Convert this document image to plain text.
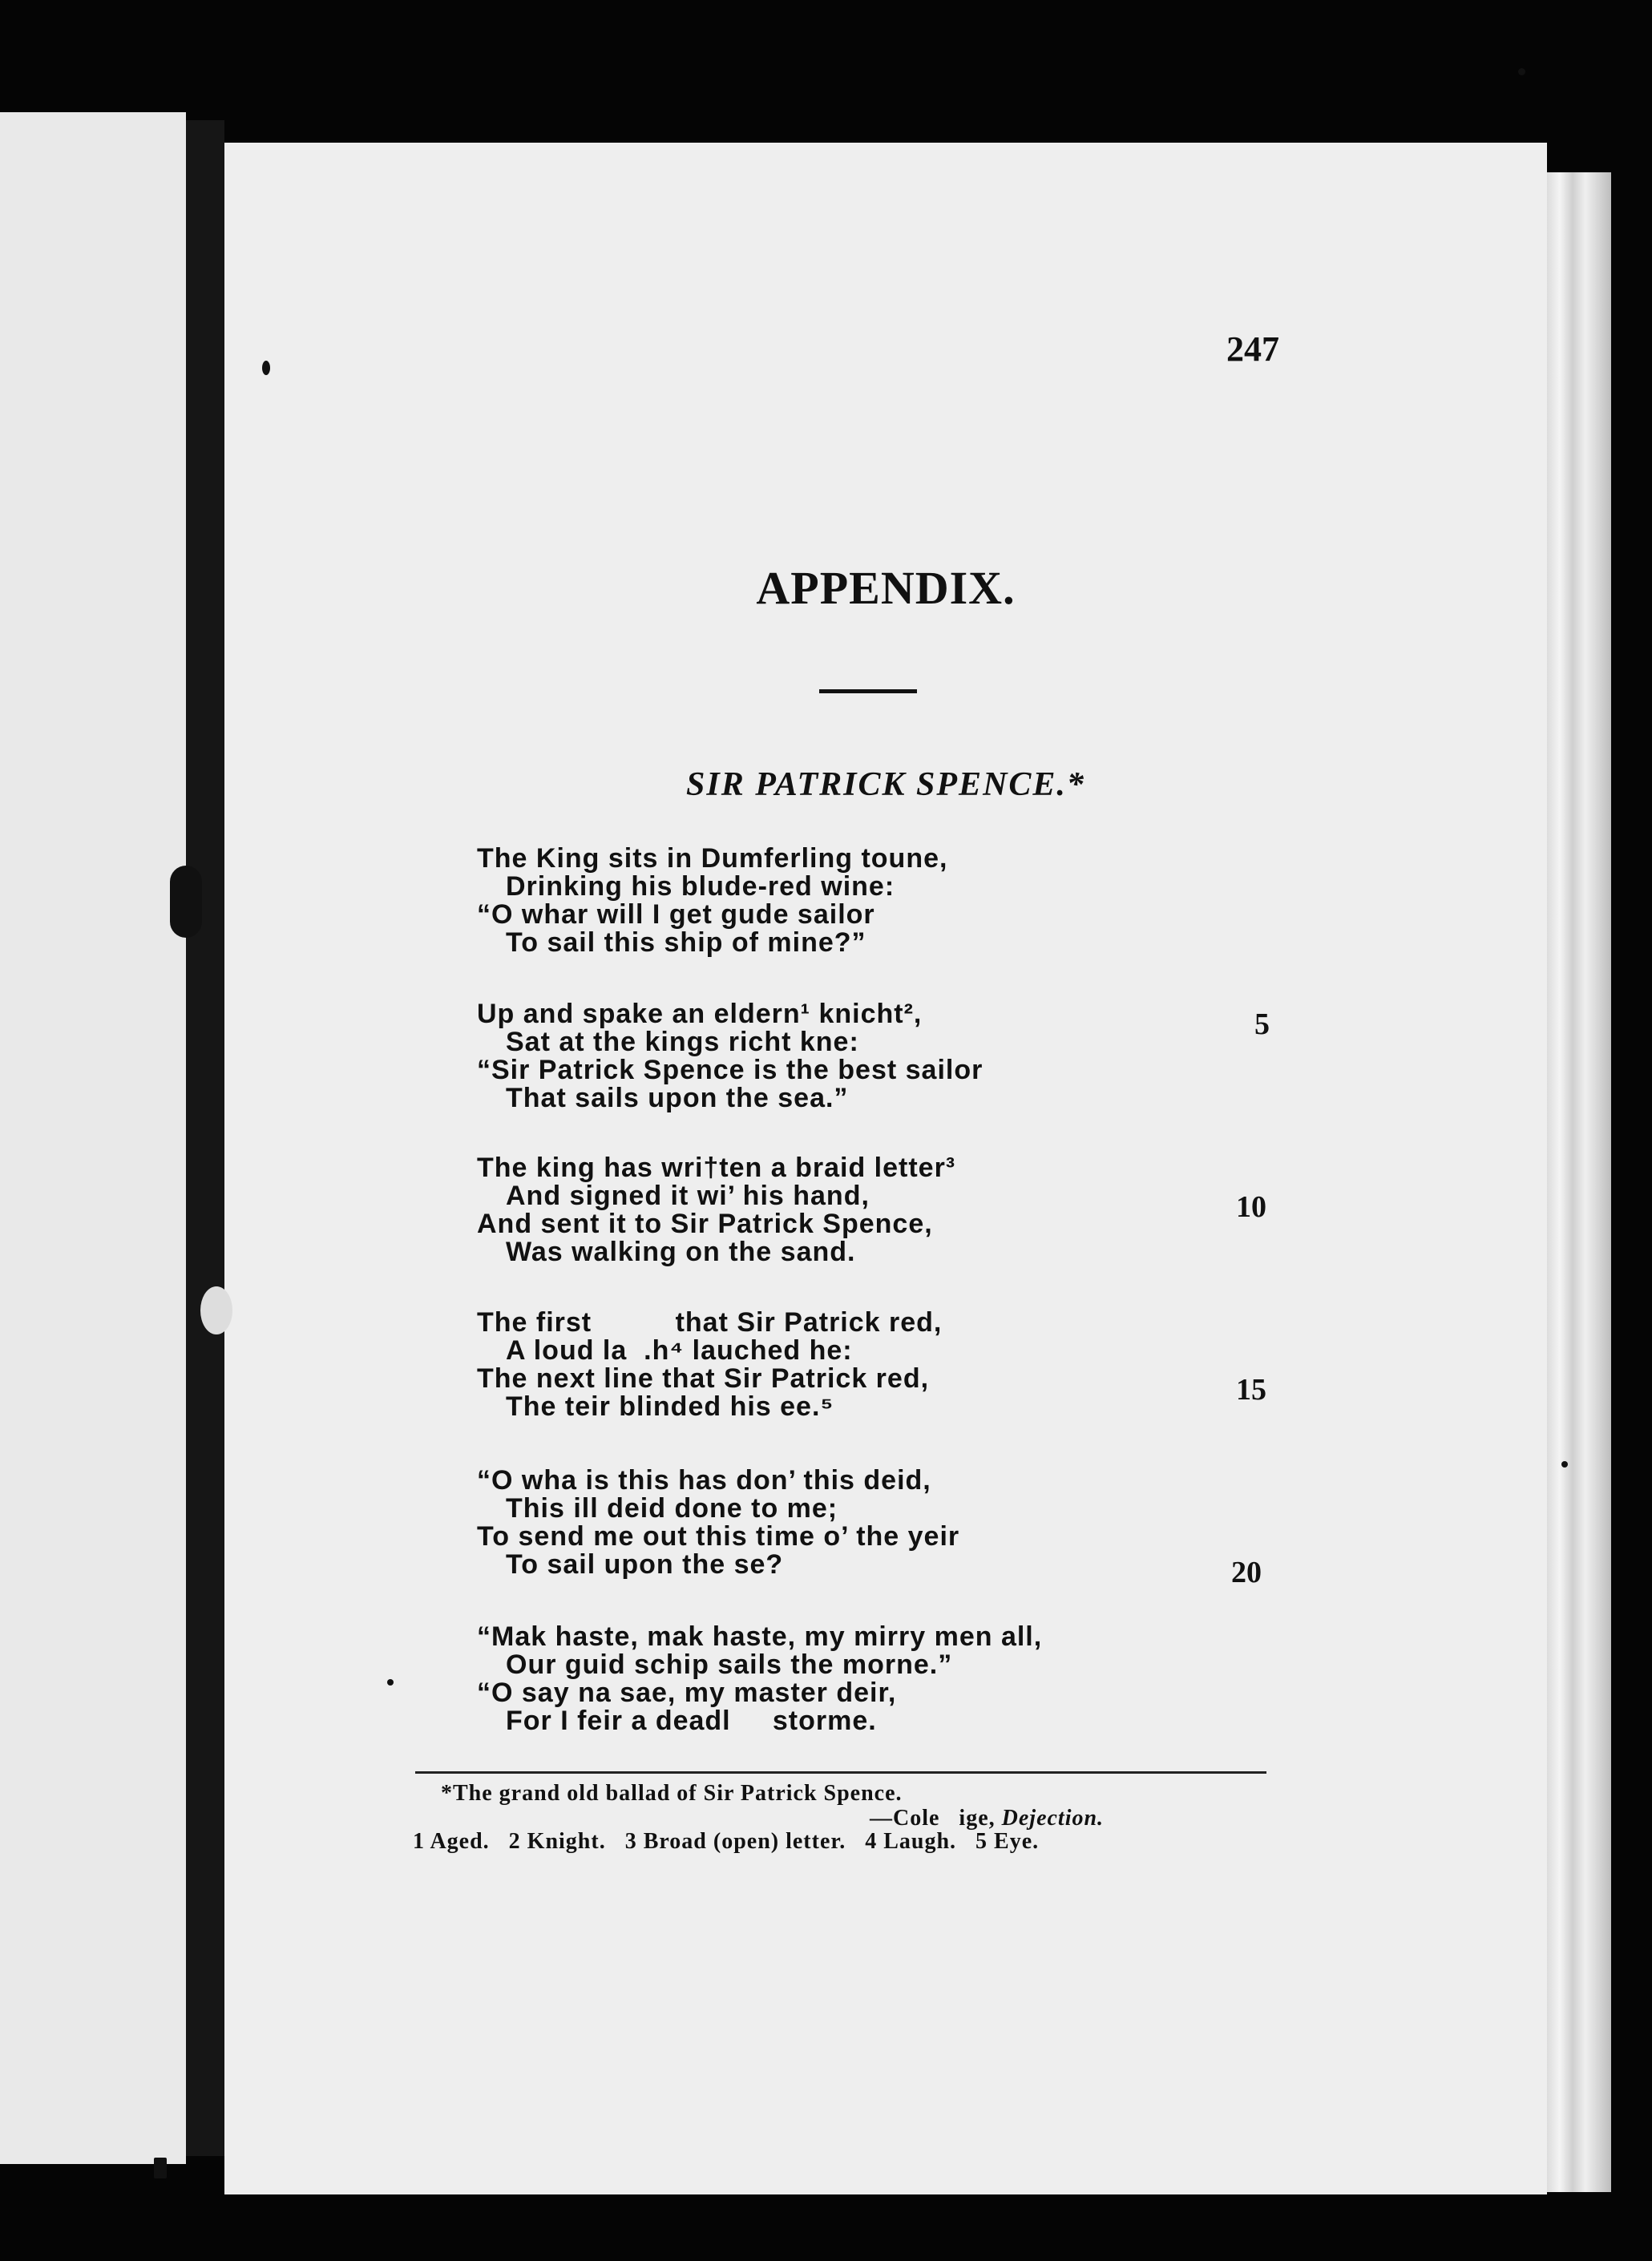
247
APPENDIX.
SIR PATRICK SPENCE.*
The King sits in Dumferling toune,
Drinking his blude-red wine:
“O whar will I get gude sailor
To sail this ship of mine?”
Up and spake an eldern¹ knicht²,
Sat at the kings richt kne:
“Sir Patrick Spence is the best sailor
That sails upon the sea.”
The king has wri†ten a braid letter³
And signed it wi’ his hand,
And sent it to Sir Patrick Spence,
Was walking on the sand.
The first          that Sir Patrick red,
A loud la  .h⁴ lauched he:
The next line that Sir Patrick red,
The teir blinded his ee.⁵
“O wha is this has don’ this deid,
This ill deid done to me;
To send me out this time o’ the yeir
To sail upon the se?
“Mak haste, mak haste, my mirry men all,
Our guid schip sails the morne.”
“O say na sae, my master deir,
For I feir a deadl     storme.
5
10
15
20
*The grand old ballad of Sir Patrick Spence.
—Cole   ige, Dejection.
1 Aged.   2 Knight.   3 Broad (open) letter.   4 Laugh.   5 Eye.
